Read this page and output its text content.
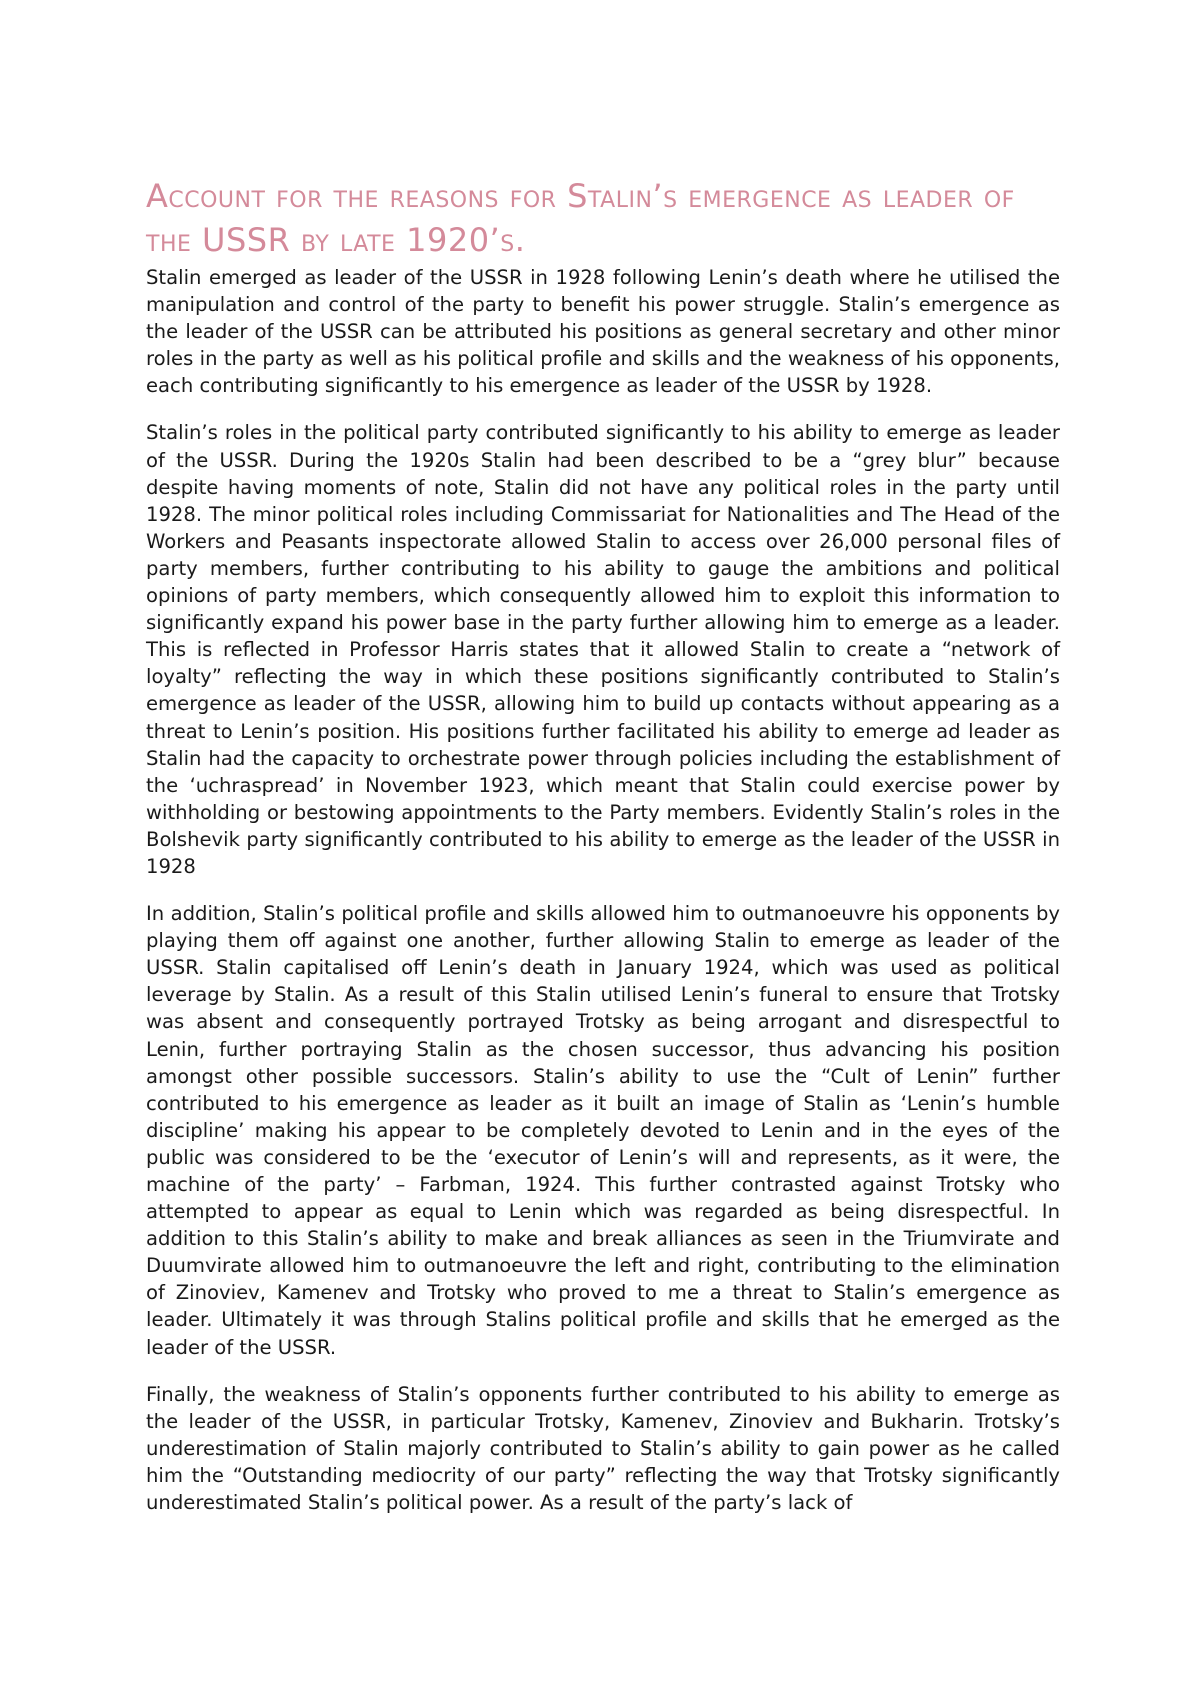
Account for the reasons for Stalin’s emergence as leader of the USSR by late 1920’s.

Stalin emerged as leader of the USSR in 1928 following Lenin’s death where he utilised the manipulation and control of the party to benefit his power struggle. Stalin’s emergence as the leader of the USSR can be attributed his positions as general secretary and other minor roles in the party as well as his political profile and skills and the weakness of his opponents, each contributing significantly to his emergence as leader of the USSR by 1928.

Stalin’s roles in the political party contributed significantly to his ability to emerge as leader of the USSR. During the 1920s Stalin had been described to be a “grey blur” because despite having moments of note, Stalin did not have any political roles in the party until 1928. The minor political roles including Commissariat for Nationalities and The Head of the Workers and Peasants inspectorate allowed Stalin to access over 26,000 personal files of party members, further contributing to his ability to gauge the ambitions and political opinions of party members, which consequently allowed him to exploit this information to significantly expand his power base in the party further allowing him to emerge as a leader. This is reflected in Professor Harris states that it allowed Stalin to create a “network of loyalty” reflecting the way in which these positions significantly contributed to Stalin’s emergence as leader of the USSR, allowing him to build up contacts without appearing as a threat to Lenin’s position. His positions further facilitated his ability to emerge ad leader as Stalin had the capacity to orchestrate power through policies including the establishment of the ‘uchraspread’ in November 1923, which meant that Stalin could exercise power by withholding or bestowing appointments to the Party members. Evidently Stalin’s roles in the Bolshevik party significantly contributed to his ability to emerge as the leader of the USSR in 1928

In addition, Stalin’s political profile and skills allowed him to outmanoeuvre his opponents by playing them off against one another, further allowing Stalin to emerge as leader of the USSR. Stalin capitalised off Lenin’s death in January 1924, which was used as political leverage by Stalin. As a result of this Stalin utilised Lenin’s funeral to ensure that Trotsky was absent and consequently portrayed Trotsky as being arrogant and disrespectful to Lenin, further portraying Stalin as the chosen successor, thus advancing his position amongst other possible successors. Stalin’s ability to use the “Cult of Lenin” further contributed to his emergence as leader as it built an image of Stalin as ‘Lenin’s humble discipline’ making his appear to be completely devoted to Lenin and in the eyes of the public was considered to be the ‘executor of Lenin’s will and represents, as it were, the machine of the party’ – Farbman, 1924. This further contrasted against Trotsky who attempted to appear as equal to Lenin which was regarded as being disrespectful. In addition to this Stalin’s ability to make and break alliances as seen in the Triumvirate and Duumvirate allowed him to outmanoeuvre the left and right, contributing to the elimination of Zinoviev, Kamenev and Trotsky who proved to me a threat to Stalin’s emergence as leader. Ultimately it was through Stalins political profile and skills that he emerged as the leader of the USSR.

Finally, the weakness of Stalin’s opponents further contributed to his ability to emerge as the leader of the USSR, in particular Trotsky, Kamenev, Zinoviev and Bukharin. Trotsky’s underestimation of Stalin majorly contributed to Stalin’s ability to gain power as he called him the “Outstanding mediocrity of our party” reflecting the way that Trotsky significantly underestimated Stalin’s political power. As a result of the party’s lack of
